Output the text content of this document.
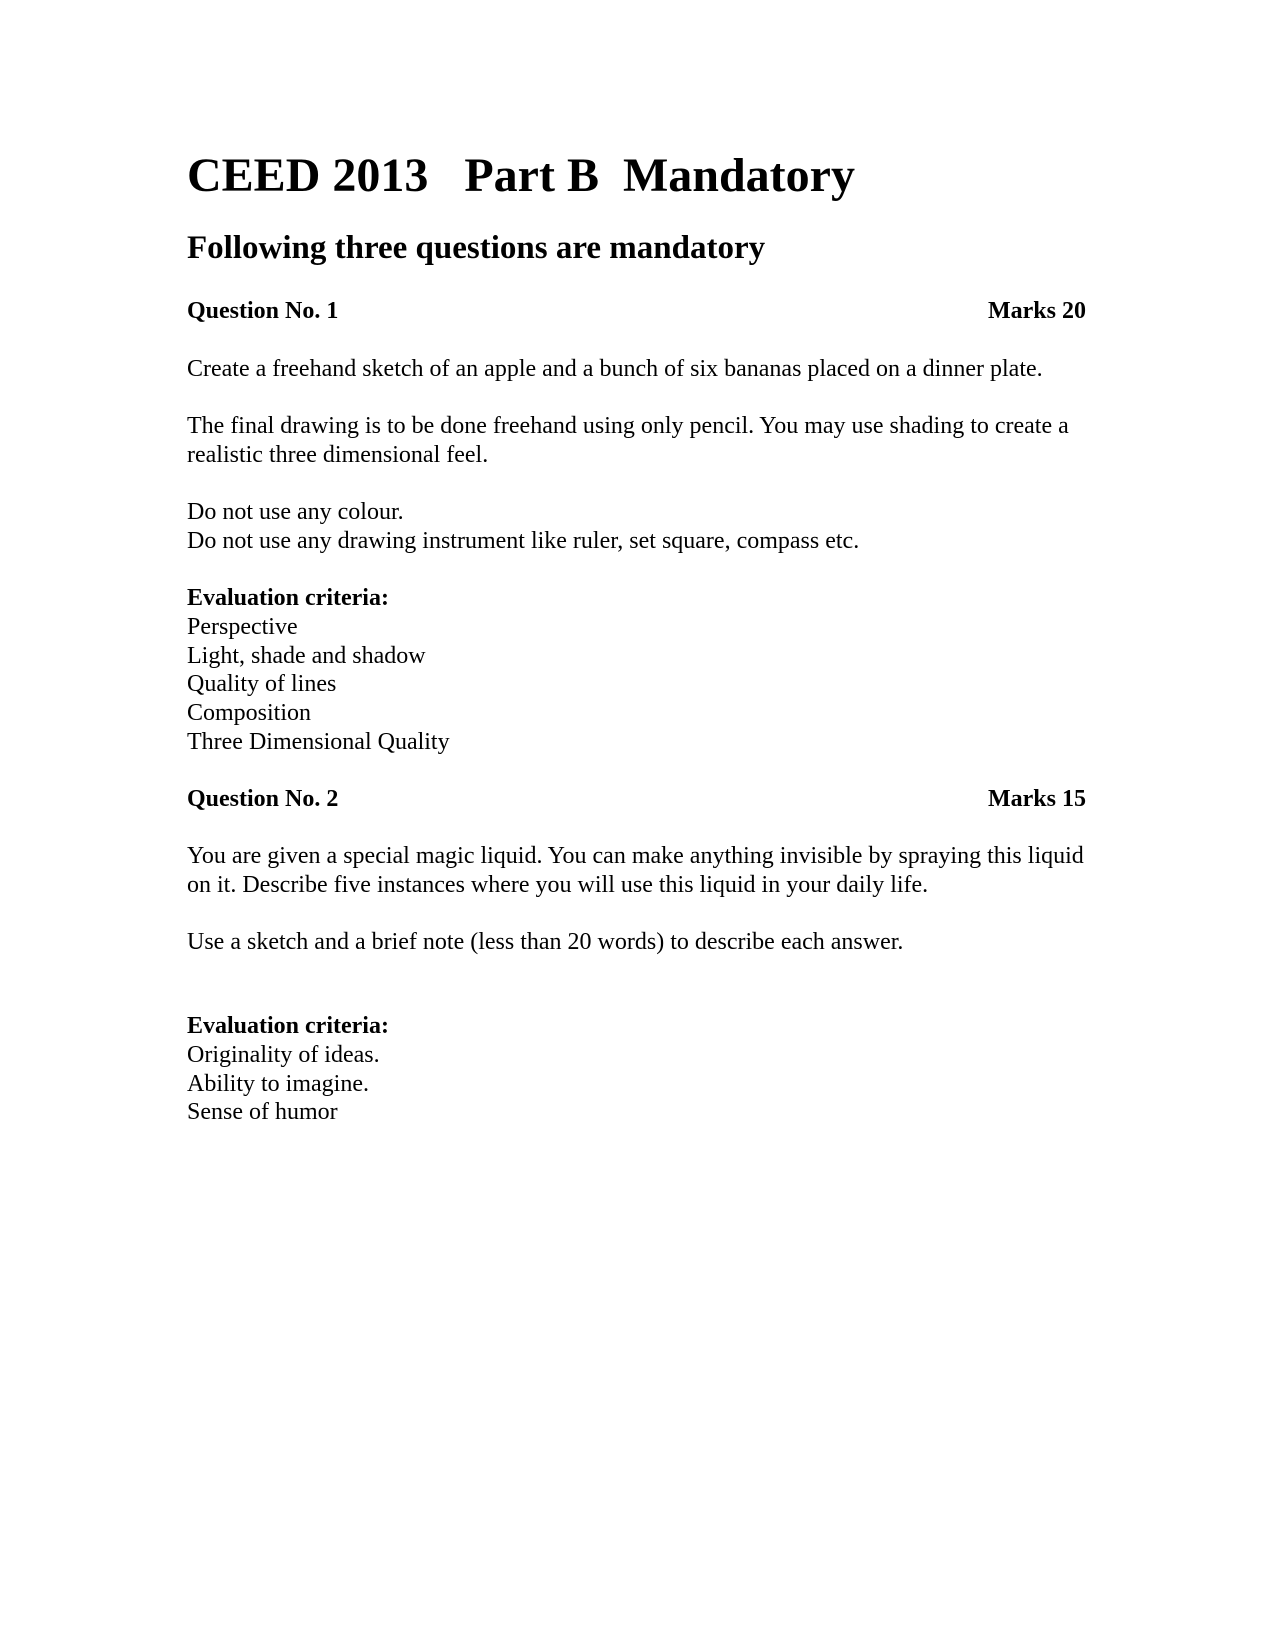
CEED 2013   Part B  Mandatory
Following three questions are mandatory
Question No. 1	Marks 20

Create a freehand sketch of an apple and a bunch of six bananas placed on a dinner plate.

The final drawing is to be done freehand using only pencil. You may use shading to create a realistic three dimensional feel.

Do not use any colour.

Do not use any drawing instrument like ruler, set square, compass etc.

Evaluation criteria:

Perspective

Light, shade and shadow

Quality of lines

Composition

Three Dimensional Quality

Question No. 2	Marks 15

You are given a special magic liquid. You can make anything invisible by spraying this liquid on it. Describe five instances where you will use this liquid in your daily life.

Use a sketch and a brief note (less than 20 words) to describe each answer.

Evaluation criteria:

Originality of ideas.

Ability to imagine.

Sense of humor
